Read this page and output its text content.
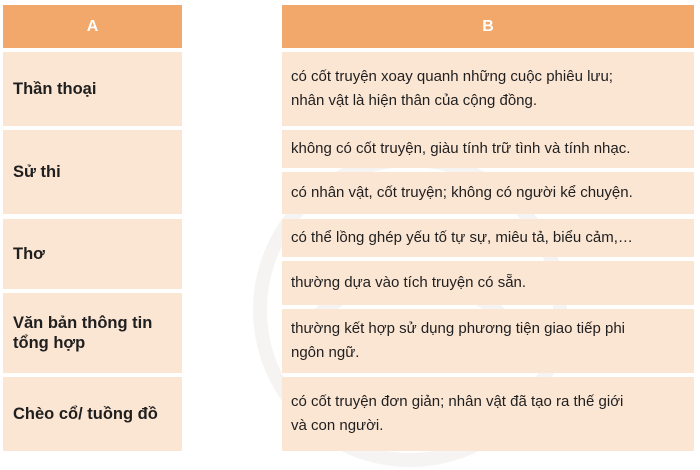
A	B
Thần thoại
Sử thi
Thơ
Văn bản thông tin
tổng hợp
Chèo cổ/ tuồng đồ
có cốt truyện xoay quanh những cuộc phiêu lưu;
nhân vật là hiện thân của cộng đồng.
không có cốt truyện, giàu tính trữ tình và tính nhạc.
có nhân vật, cốt truyện; không có người kể chuyện.
có thể lồng ghép yếu tố tự sự, miêu tả, biểu cảm,…
thường dựa vào tích truyện có sẵn.
thường kết hợp sử dụng phương tiện giao tiếp phi
ngôn ngữ.
có cốt truyện đơn giản; nhân vật đã tạo ra thế giới
và con người.
